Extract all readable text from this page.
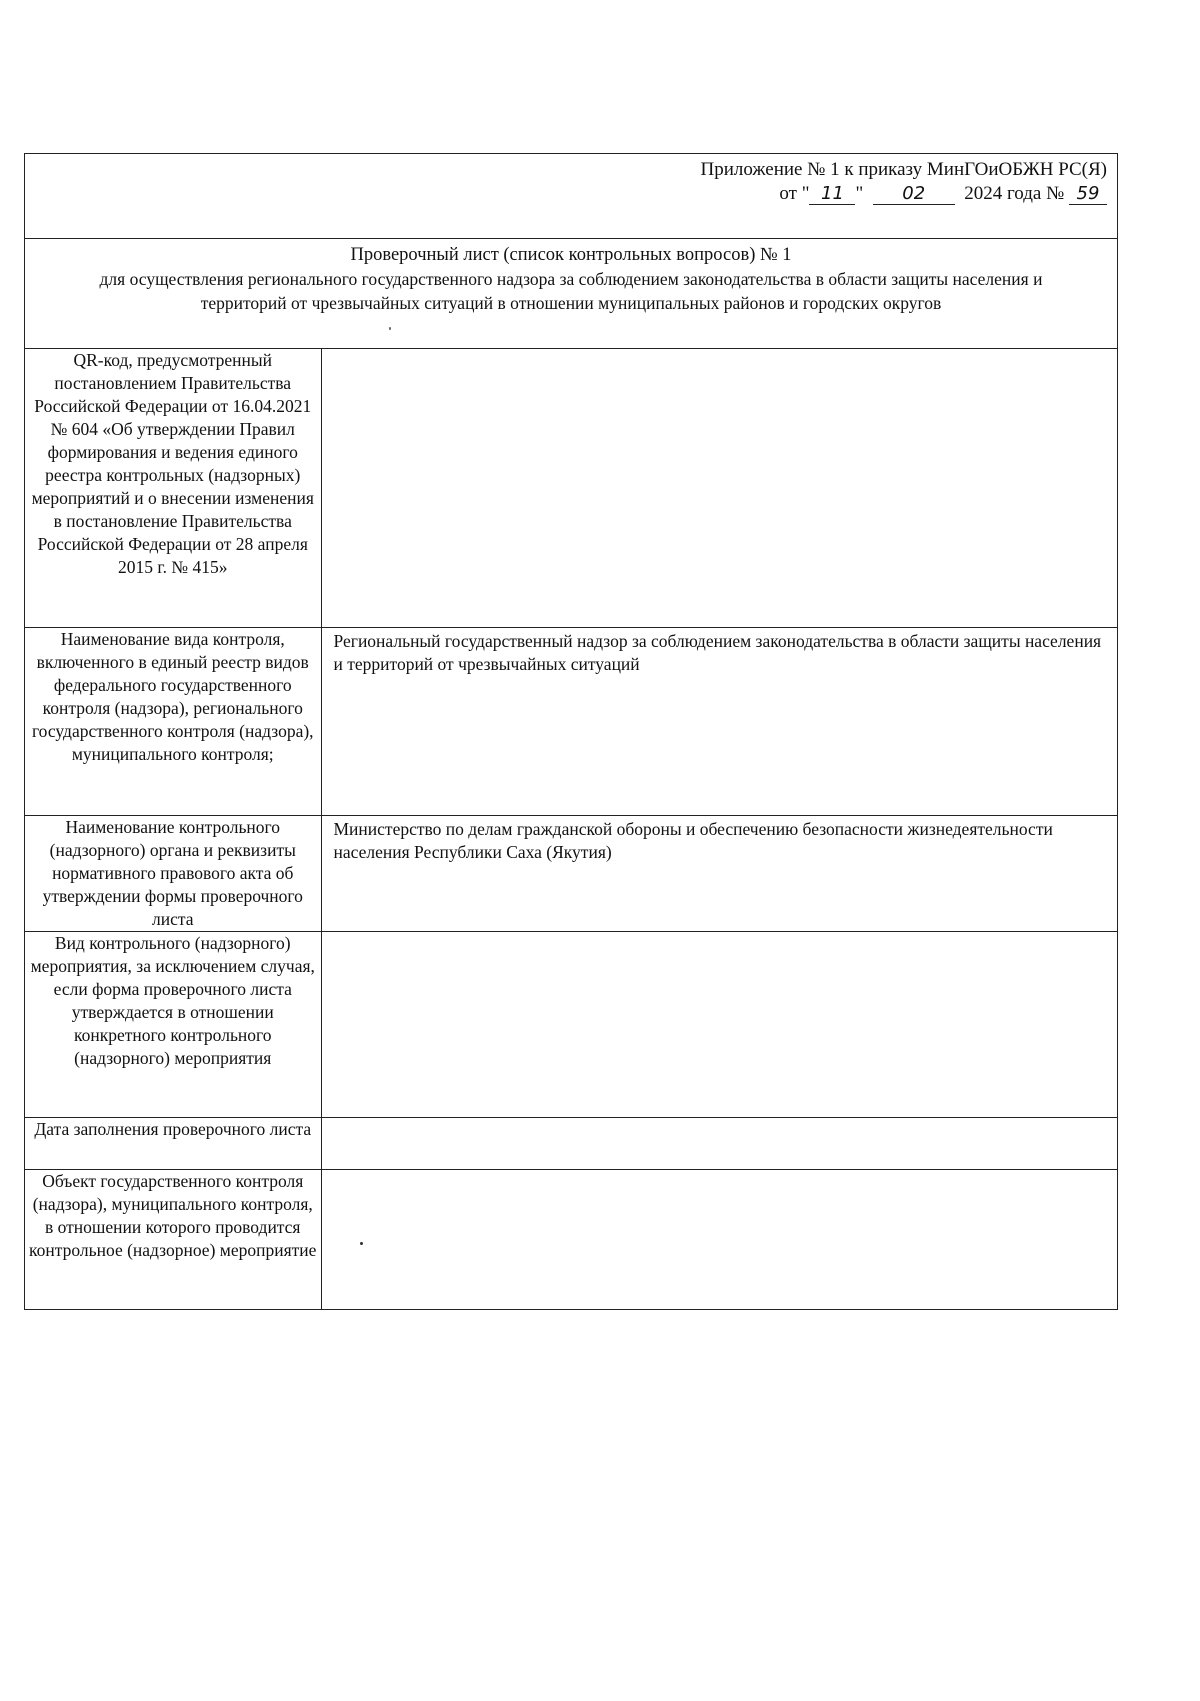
Приложение № 1 к приказу МинГОиОБЖН РС(Я)
от " 11 " 02 2024 года № 59
Проверочный лист (список контрольных вопросов) № 1
для осуществления регионального государственного надзора за соблюдением законодательства в области защиты населения и территорий от чрезвычайных ситуаций в отношении муниципальных районов и городских округов
QR-код, предусмотренный постановлением Правительства Российской Федерации от 16.04.2021 № 604 «Об утверждении Правил формирования и ведения единого реестра контрольных (надзорных) мероприятий и о внесении изменения в постановление Правительства Российской Федерации от 28 апреля 2015 г. № 415»	
Наименование вида контроля, включенного в единый реестр видов федерального государственного контроля (надзора), регионального государственного контроля (надзора), муниципального контроля;	Региональный государственный надзор за соблюдением законодательства в области защиты населения и территорий от чрезвычайных ситуаций
Наименование контрольного (надзорного) органа и реквизиты нормативного правового акта об утверждении формы проверочного листа	Министерство по делам гражданской обороны и обеспечению безопасности жизнедеятельности населения Республики Саха (Якутия)
Вид контрольного (надзорного) мероприятия, за исключением случая, если форма проверочного листа утверждается в отношении конкретного контрольного (надзорного) мероприятия	
Дата заполнения проверочного листа	
Объект государственного контроля (надзора), муниципального контроля, в отношении которого проводится контрольное (надзорное) мероприятие	
